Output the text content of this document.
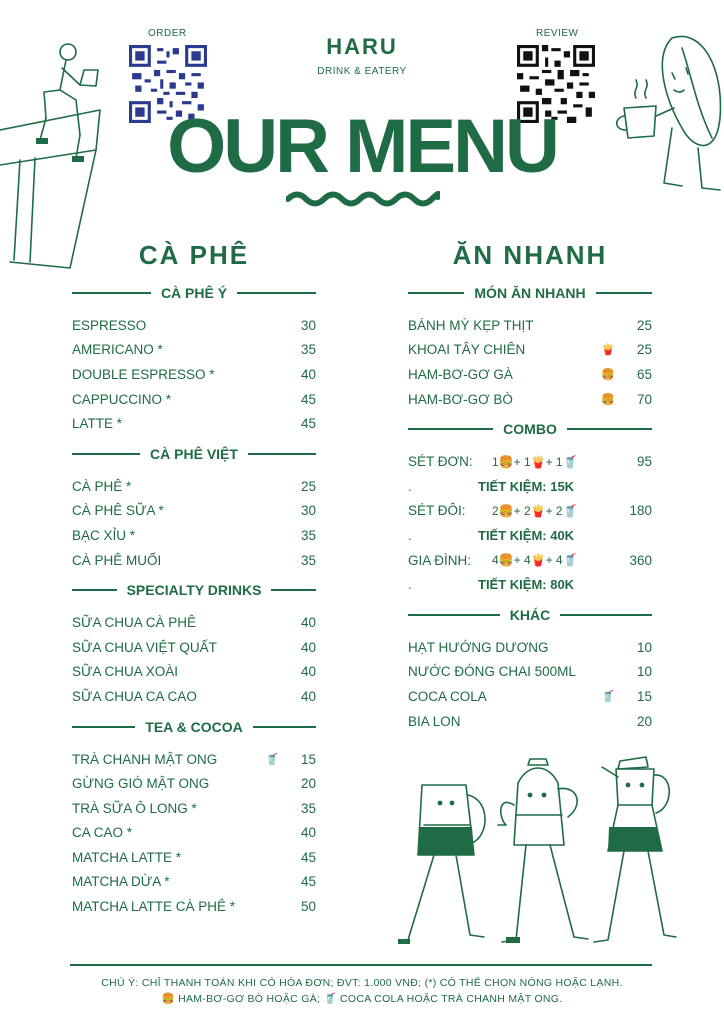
ORDER	REVIEW
HARU
DRINK & EATERY
OUR MENU
CÀ PHÊ
CÀ PHÊ Ý
ESPRESSO	30
AMERICANO *	35
DOUBLE ESPRESSO *	40
CAPPUCCINO *	45
LATTE *	45
CÀ PHÊ VIỆT
CÀ PHÊ *	25
CÀ PHÊ SỮA *	30
BẠC XỈU *	35
CÀ PHÊ MUỐI	35
SPECIALTY DRINKS
SỮA CHUA CÀ PHÊ	40
SỮA CHUA VIỆT QUẤT	40
SỮA CHUA XOÀI	40
SỮA CHUA CA CAO	40
TEA & COCOA
TRÀ CHANH MẬT ONG	🥤	15
GỪNG GIÓ MẬT ONG	20
TRÀ SỮA Ô LONG *	35
CA CAO *	40
MATCHA LATTE *	45
MATCHA DỪA *	45
MATCHA LATTE CÀ PHÊ *	50
ĂN NHANH
MÓN ĂN NHANH
BÁNH MỲ KẸP THỊT	25
KHOAI TÂY CHIÊN	🍟	25
HAM-BƠ-GƠ GÀ	🍔	65
HAM-BƠ-GƠ BÒ	🍔	70
COMBO
SÉT ĐƠN:	1🍔+ 1🍟+ 1🥤	95
.	TIẾT KIỆM: 15K
SÉT ĐÔI:	2🍔+ 2🍟+ 2🥤	180
.	TIẾT KIỆM: 40K
GIA ĐÌNH:	4🍔+ 4🍟+ 4🥤	360
.	TIẾT KIỆM: 80K
KHÁC
HẠT HƯỚNG DƯƠNG	10
NƯỚC ĐÓNG CHAI 500ML	10
COCA COLA	🥤	15
BIA LON	20
CHÚ Ý: CHỈ THANH TOÁN KHI CÓ HÓA ĐƠN; ĐVT: 1.000 VNĐ; (*) CÓ THỂ CHỌN NÓNG HOẶC LẠNH.
🍔 HAM-BƠ-GƠ BÒ HOẶC GÀ; 🥤 COCA COLA HOẶC TRÀ CHANH MẬT ONG.
